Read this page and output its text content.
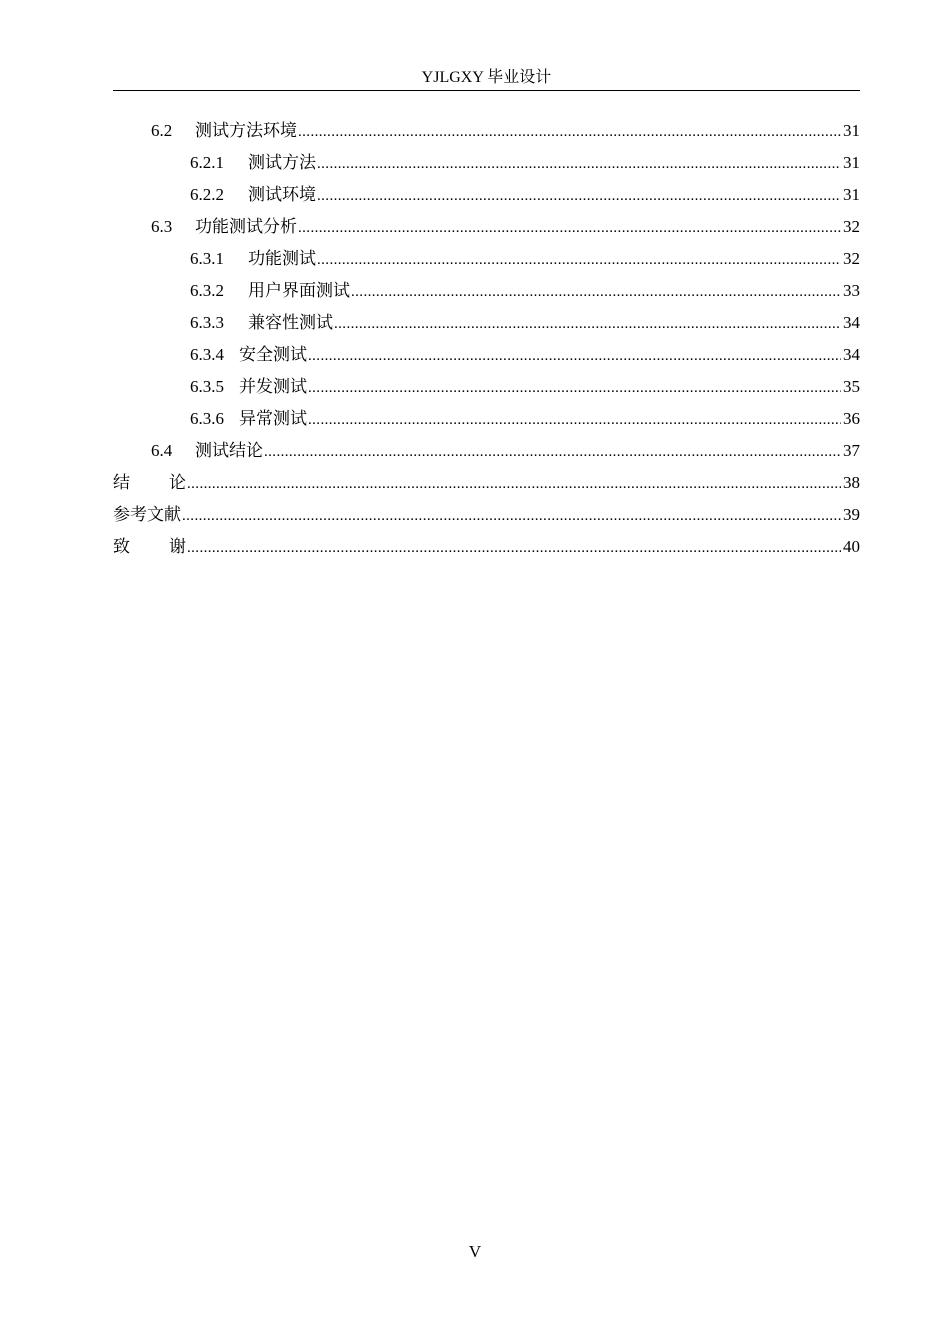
YJLGXY 毕业设计
6.2	测试方法环境 .....	31
6.2.1	测试方法 .....	31
6.2.2	测试环境 .....	31
6.3	功能测试分析 .....	32
6.3.1	功能测试 .....	32
6.3.2	用户界面测试 .....	33
6.3.3	兼容性测试 .....	34
6.3.4 安全测试 .....	34
6.3.5 并发测试 .....	35
6.3.6 异常测试 .....	36
6.4	测试结论 .....	37
结论 .....	38
参考文献 .....	39
致谢 .....	40
V
